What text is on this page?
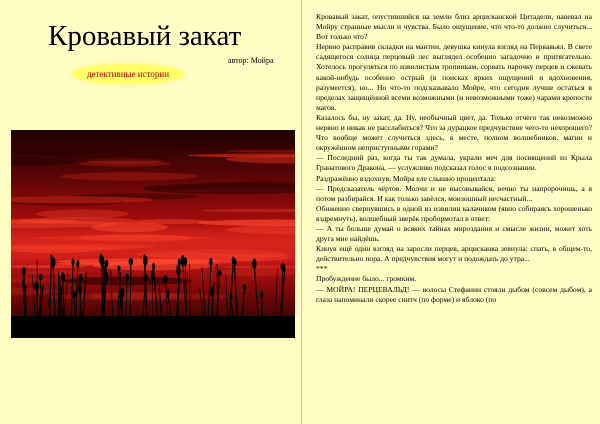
Кровавый закат
детективные истории
автор: Мойра

Кровавый закат, опустившийся на земли близ арцисканской Цитадели, навевал на Мойру странные мысли и чувства. Было ощущение, что что-то должно случиться... Вот только что?

Нервно расправив складки на мантии, девушка кинула взгляд на Первавьял. В свете садящегося солнца перцовый лес выглядел особенно загадочно и притягательно. Хотелось прогуляться по извилистым тропинкам, сорвать парочку перцев и сжевать какой-нибудь особенно острый (в поисках ярких ощущений и вдохновения, разумеется), но... Но что-то подсказывало Мойре, что сегодня лучше остаться в пределах защищённой всеми возможными (и невозможными тоже) чарами крепости магов.

Казалось бы, ну закат, да. Ну, необычный цвет, да. Только отчего так невозможно нервно и никак не расслабиться? Что за дурацкое предчувствие чего-то нехорошего? Что вообще может случиться здесь, в месте, полном волшебников, магии и окружённом неприступными горами?

— Последний раз, когда ты так думала, украли меч для посвящений из Крыла Гранатового Дракона, — услужливо подсказал голос в подсознании.

Раздражённо вздохнув, Мойра еле слышно процептала:

— Предсказатель чёртов. Молчи и не высовывайся, вечно ты напророчишь, а я потом разбирайся. И как только завёлся, моизошный несчастный...

Обиженно свернувшись в одной из извилин калачиком (явно собираясь хорошенько вздремнуть), волшебный зверёк пробормотал в ответ:

— А ты больше думай о всяких тайнах мироздания и смысле жизни, может хоть друга мне найдёшь.

Кинув ещё один взгляд на заросли перцев, арцисканка зевнула: спать, в общем-то, действительно пора. А предчувствия могут и подождать до утра...

***

Пробуждение было... громким.

— МОЙРА! ПЕРЦЕВАЛЬД! — волосы Стефании стояли дыбом (совсем дыбом), а глаза напоминали скорее снитч (по форме) и яблоко (по
